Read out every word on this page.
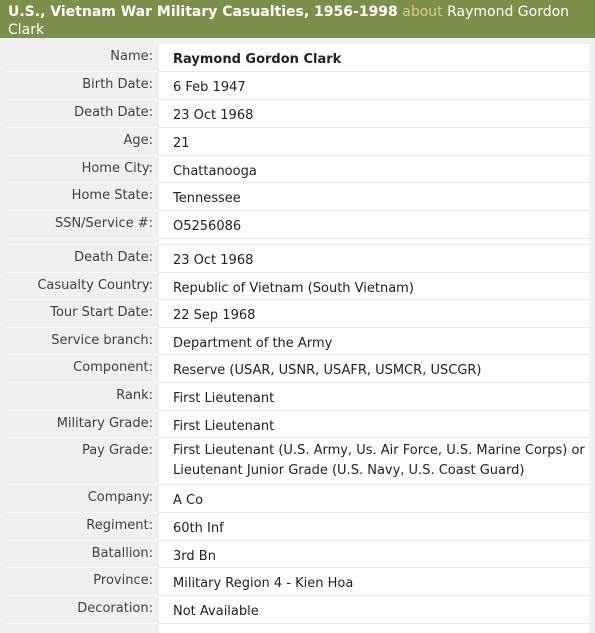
U.S., Vietnam War Military Casualties, 1956-1998 about Raymond Gordon
Clark
Name:	Raymond Gordon Clark
Birth Date:	6 Feb 1947
Death Date:	23 Oct 1968
Age:	21
Home City:	Chattanooga
Home State:	Tennessee
SSN/Service #:	O5256086

Death Date:	23 Oct 1968
Casualty Country:	Republic of Vietnam (South Vietnam)
Tour Start Date:	22 Sep 1968
Service branch:	Department of the Army
Component:	Reserve (USAR, USNR, USAFR, USMCR, USCGR)
Rank:	First Lieutenant
Military Grade:	First Lieutenant
Pay Grade:	First Lieutenant (U.S. Army, Us. Air Force, U.S. Marine Corps) or Lieutenant Junior Grade (U.S. Navy, U.S. Coast Guard)
Company:	A Co
Regiment:	60th Inf
Batallion:	3rd Bn
Province:	Military Region 4 - Kien Hoa
Decoration:	Not Available
